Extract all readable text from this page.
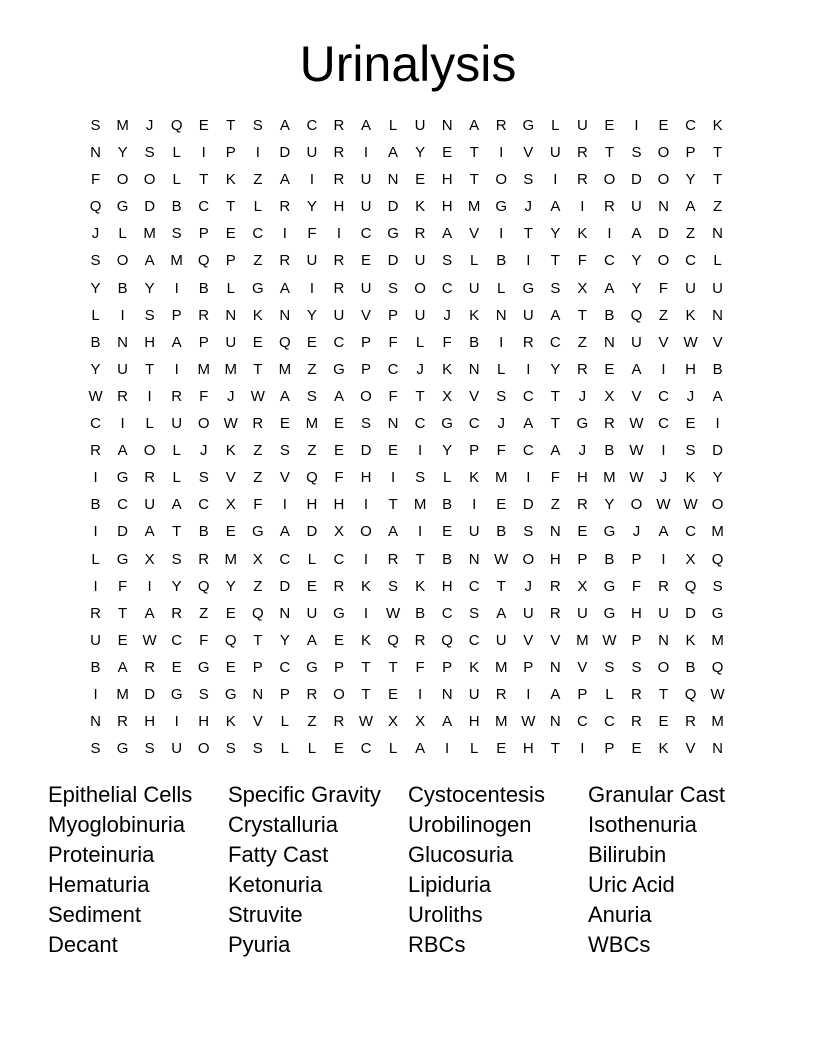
Urinalysis
S	M	J	Q	E	T	S	A	C	R	A	L	U	N	A	R	G	L	U	E	I	E	C	K
N	Y	S	L	I	P	I	D	U	R	I	A	Y	E	T	I	V	U	R	T	S	O	P	T
F	O	O	L	T	K	Z	A	I	R	U	N	E	H	T	O	S	I	R	O	D	O	Y	T
Q	G	D	B	C	T	L	R	Y	H	U	D	K	H	M G	J	A	I	R	U	N	A	Z
J	L	M	S	P	E	C	I	F	I	C	G	R	A	V	I	T	Y	K	I	A	D	Z	N
S	O	A	M Q	P	Z	R	U	R	E	D	U	S	L	B	I	T	F	C	Y	O	C	L
Y	B	Y	I	B	L	G	A	I	R	U	S	O	C	U	L	G	S	X	A	Y	F	U	U
L	I	S	P	R	N	K	N	Y	U	V	P	U	J	K	N	U	A	T	B	Q	Z	K	N
B	N	H	A	P	U	E	Q	E	C	P	F	L	F	B	I	R	C	Z	N	U	V W V
Y	U	T	I	M M	T	M	Z	G	P	C	J	K	N	L	I	Y	R	E	A	I	H	B
W R	I	R	F	J	W A	S	A	O	F	T	X	V	S	C	T	J	X	V	C	J	A
C	I	L	U	O W R	E	M	E	S	N	C	G	C	J	A	T	G	R W C	E	I
R	A	O	L	J	K	Z	S	Z	E	D	E	I	Y	P	F	C	A	J	B W	I	S	D
I	G	R	L	S	V	Z	V	Q	F	H	I	S	L	K	M	I	F	H	M W	J	K	Y
B	C	U	A	C	X	F	I	H	H	I	T	M	B	I	E	D	Z	R	Y	O W W O
I	D	A	T	B	E	G	A	D	X	O	A	I	E	U	B	S	N	E	G	J	A	C	M
L	G	X	S	R	M	X	C	L	C	I	R	T	B	N W O	H	P	B	P	I	X	Q
I	F	I	Y	Q	Y	Z	D	E	R	K	S	K	H	C	T	J	R	X	G	F	R	Q	S
R	T	A	R	Z	E	Q	N	U	G	I	W B	C	S	A	U	R	U	G	H	U	D	G
U	E W C	F	Q	T	Y	A	E	K	Q	R	Q	C	U	V	V	M W P	N	K	M
B	A	R	E	G	E	P	C	G	P	T	T	F	P	K	M	P	N	V	S	S	O	B	Q
I	M	D	G	S	G	N	P	R	O	T	E	I	N	U	R	I	A	P	L	R	T	Q W
N	R	H	I	H	K	V	L	Z	R W X	X	A	H	M W N	C	C	R	E	R	M
S	G	S	U	O	S	S	L	L	E	C	L	A	I	L	E	H	T	I	P	E	K	V	N
Epithelial Cells	Specific Gravity	Cystocentesis	Granular Cast
Myoglobinuria	Crystalluria	Urobilinogen	Isothenuria
Proteinuria	Fatty Cast	Glucosuria	Bilirubin
Hematuria	Ketonuria	Lipiduria	Uric Acid
Sediment	Struvite	Uroliths	Anuria
Decant	Pyuria	RBCs	WBCs
